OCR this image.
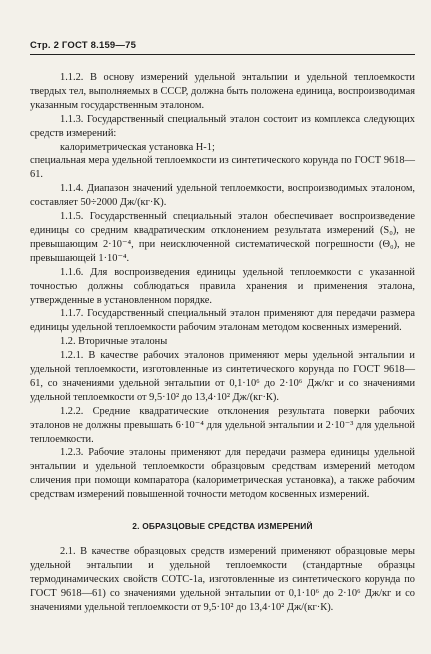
Стр. 2 ГОСТ 8.159—75

1.1.2. В основу измерений удельной энтальпии и удельной теплоемкости твердых тел, выполняемых в СССР, должна быть положена единица, воспроизводимая указанным государственным эталоном.

1.1.3. Государственный специальный эталон состоит из комплекса следующих средств измерений:

калориметрическая установка Н-1;

специальная мера удельной теплоемкости из синтетического корунда по ГОСТ 9618—61.

1.1.4. Диапазон значений удельной теплоемкости, воспроизводимых эталоном, составляет 50÷2000 Дж/(кг·К).

1.1.5. Государственный специальный эталон обеспечивает воспроизведение единицы со средним квадратическим отклонением результата измерений (S₀), не превышающим 2·10⁻⁴, при неисключенной систематической погрешности (Θ₀), не превышающей 1·10⁻⁴.

1.1.6. Для воспроизведения единицы удельной теплоемкости с указанной точностью должны соблюдаться правила хранения и применения эталона, утвержденные в установленном порядке.

1.1.7. Государственный специальный эталон применяют для передачи размера единицы удельной теплоемкости рабочим эталонам методом косвенных измерений.

1.2. Вторичные эталоны

1.2.1. В качестве рабочих эталонов применяют меры удельной энтальпии и удельной теплоемкости, изготовленные из синтетического корунда по ГОСТ 9618—61, со значениями удельной энтальпии от 0,1·10⁶ до 2·10⁶ Дж/кг и со значениями удельной теплоемкости от 9,5·10² до 13,4·10² Дж/(кг·К).

1.2.2. Средние квадратические отклонения результата поверки рабочих эталонов не должны превышать 6·10⁻⁴ для удельной энтальпии и 2·10⁻³ для удельной теплоемкости.

1.2.3. Рабочие эталоны применяют для передачи размера единицы удельной энтальпии и удельной теплоемкости образцовым средствам измерений методом сличения при помощи компаратора (калориметрическая установка), а также рабочим средствам измерений повышенной точности методом косвенных измерений.

2. ОБРАЗЦОВЫЕ СРЕДСТВА ИЗМЕРЕНИЙ

2.1. В качестве образцовых средств измерений применяют образцовые меры удельной энтальпии и удельной теплоемкости (стандартные образцы термодинамических свойств СОТС-1а, изготовленные из синтетического корунда по ГОСТ 9618—61) со значениями удельной энтальпии от 0,1·10⁶ до 2·10⁶ Дж/кг и со значениями удельной теплоемкости от 9,5·10² до 13,4·10² Дж/(кг·К).
